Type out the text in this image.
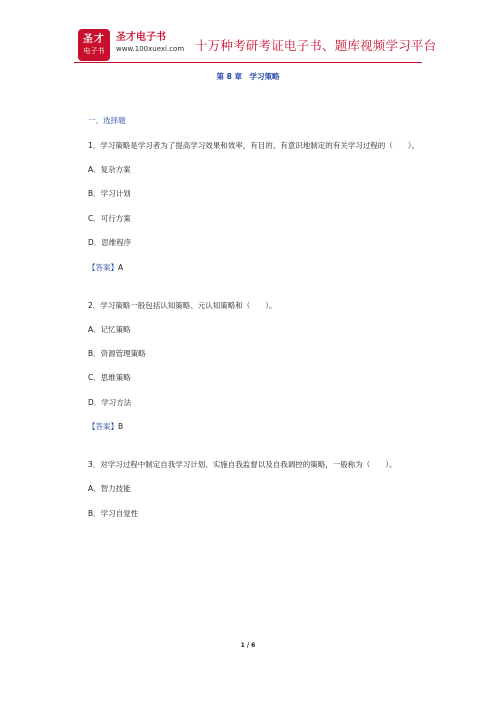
圣才
电子书
圣才电子书
www.100xuexi.com 十万种考研考证电子书、题库视频学习平台
第 8 章　学习策略
一、选择题
1．学习策略是学习者为了提高学习效果和效率，有目的、有意识地制定的有关学习过程的（　　）。
A．复杂方案
B．学习计划
C．可行方案
D．思维程序
【答案】A
2．学习策略一般包括认知策略、元认知策略和（　　）。
A．记忆策略
B．资源管理策略
C．思维策略
D．学习方法
【答案】B
3．对学习过程中制定自我学习计划、实施自我监督以及自我调控的策略，一般称为（　　）。
A．智力技能
B．学习自觉性
1 / 6
